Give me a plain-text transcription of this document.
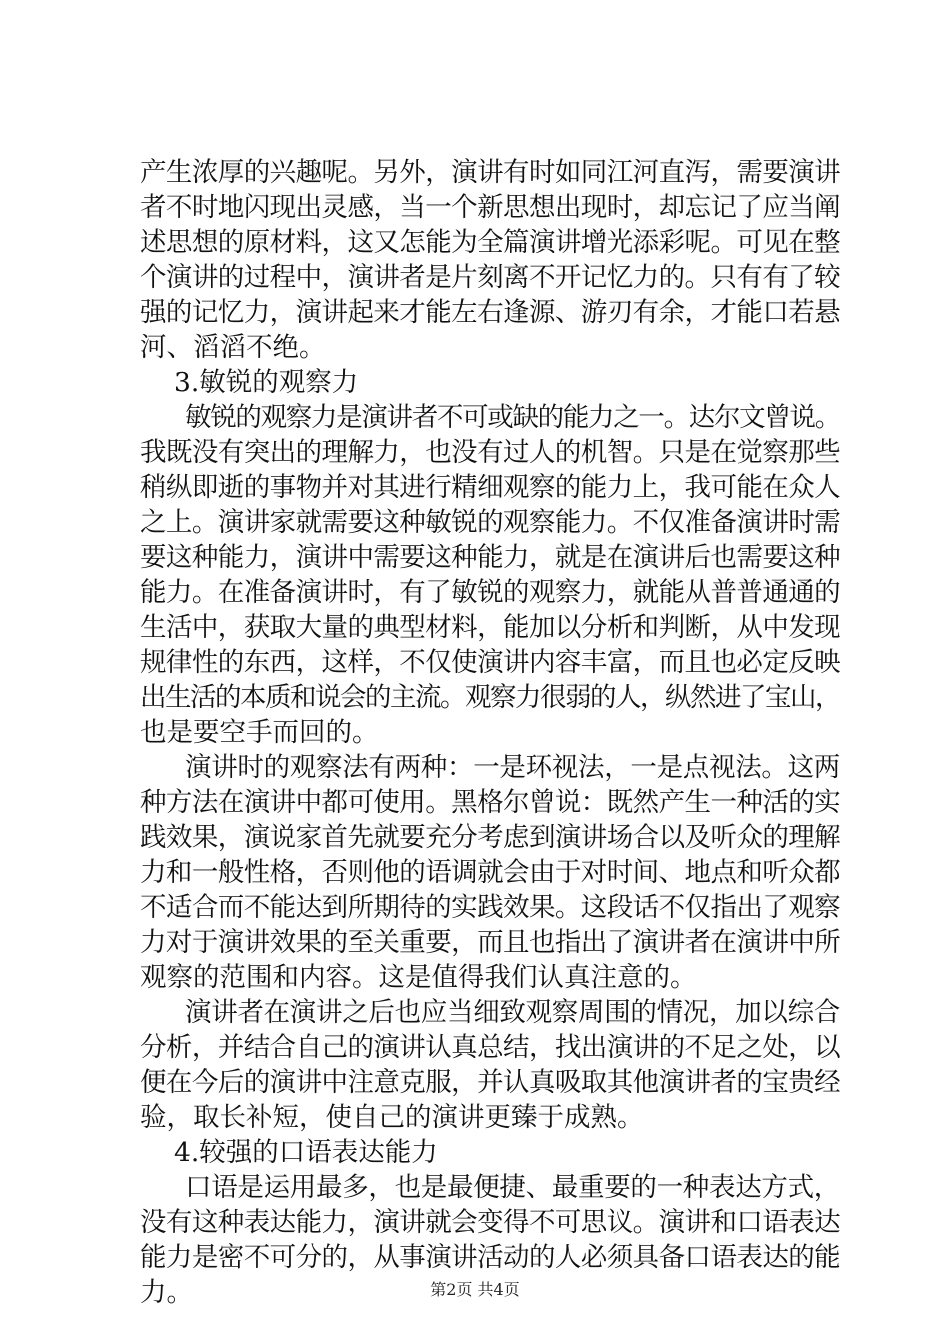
产生浓厚的兴趣呢。另外，演讲有时如同江河直泻，需要演讲
者不时地闪现出灵感，当一个新思想出现时，却忘记了应当阐
述思想的原材料，这又怎能为全篇演讲增光添彩呢。可见在整
个演讲的过程中，演讲者是片刻离不开记忆力的。只有有了较
强的记忆力，演讲起来才能左右逢源、游刃有余，才能口若悬
河、滔滔不绝。
3.敏锐的观察力
敏锐的观察力是演讲者不可或缺的能力之一。达尔文曾说。
我既没有突出的理解力，也没有过人的机智。只是在觉察那些
稍纵即逝的事物并对其进行精细观察的能力上，我可能在众人
之上。演讲家就需要这种敏锐的观察能力。不仅准备演讲时需
要这种能力，演讲中需要这种能力，就是在演讲后也需要这种
能力。在准备演讲时，有了敏锐的观察力，就能从普普通通的
生活中，获取大量的典型材料，能加以分析和判断，从中发现
规律性的东西，这样，不仅使演讲内容丰富，而且也必定反映
出生活的本质和说会的主流。观察力很弱的人，纵然进了宝山，
也是要空手而回的。
演讲时的观察法有两种：一是环视法，一是点视法。这两
种方法在演讲中都可使用。黑格尔曾说：既然产生一种活的实
践效果，演说家首先就要充分考虑到演讲场合以及听众的理解
力和一般性格，否则他的语调就会由于对时间、地点和听众都
不适合而不能达到所期待的实践效果。这段话不仅指出了观察
力对于演讲效果的至关重要，而且也指出了演讲者在演讲中所
观察的范围和内容。这是值得我们认真注意的。
演讲者在演讲之后也应当细致观察周围的情况，加以综合
分析，并结合自己的演讲认真总结，找出演讲的不足之处，以
便在今后的演讲中注意克服，并认真吸取其他演讲者的宝贵经
验，取长补短，使自己的演讲更臻于成熟。
4.较强的口语表达能力
口语是运用最多，也是最便捷、最重要的一种表达方式，
没有这种表达能力，演讲就会变得不可思议。演讲和口语表达
能力是密不可分的，从事演讲活动的人必须具备口语表达的能
力。	第2页 共4页
